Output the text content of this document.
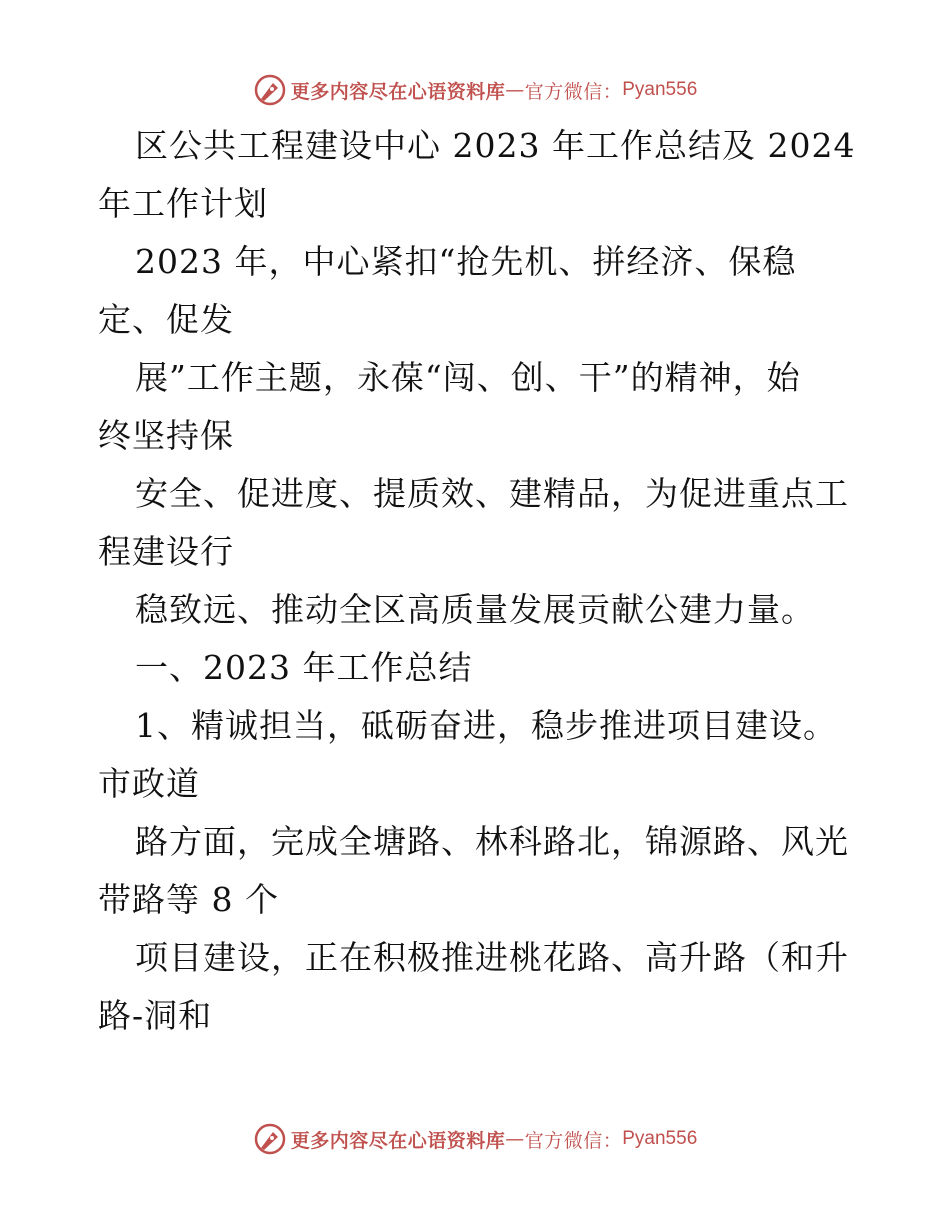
更多内容尽在心语资料库 — 官方微信： Pyan556
区公共工程建设中心 2023 年工作总结及 2024
年工作计划
2023 年，中心紧扣“抢先机、拼经济、保稳
定、促发
展”工作主题，永葆“闯、创、干”的精神，始
终坚持保
安全、促进度、提质效、建精品，为促进重点工
程建设行
稳致远、推动全区高质量发展贡献公建力量。
一、2023 年工作总结
1、精诚担当，砥砺奋进，稳步推进项目建设。
市政道
路方面，完成全塘路、林科路北，锦源路、风光
带路等 8 个
项目建设，正在积极推进桃花路、高升路（和升
路-洞和
更多内容尽在心语资料库 — 官方微信： Pyan556
